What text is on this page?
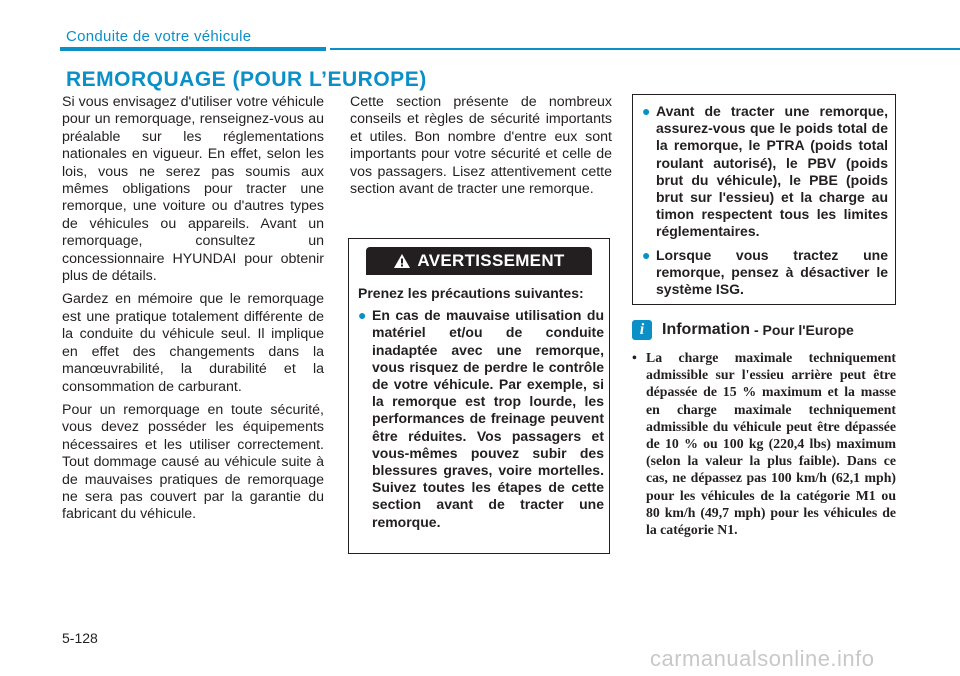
Conduite de votre véhicule
REMORQUAGE (POUR L’EUROPE)

Si vous envisagez d'utiliser votre véhicule pour un remorquage, renseignez-vous au préalable sur les réglementations nationales en vigueur. En effet, selon les lois, vous ne serez pas soumis aux mêmes obligations pour tracter une remorque, une voiture ou d'autres types de véhicules ou appareils. Avant un remorquage, consultez un concessionnaire HYUNDAI pour obtenir plus de détails.

Gardez en mémoire que le remorquage est une pratique totalement différente de la conduite du véhicule seul. Il implique en effet des changements dans la manœuvrabilité, la durabilité et la consommation de carburant.

Pour un remorquage en toute sécurité, vous devez posséder les équipements nécessaires et les utiliser correctement. Tout dommage causé au véhicule suite à de mauvaises pratiques de remorquage ne sera pas couvert par la garantie du fabricant du véhicule.

Cette section présente de nombreux conseils et règles de sécurité importants et utiles. Bon nombre d'entre eux sont importants pour votre sécurité et celle de vos passagers. Lisez attentivement cette section avant de tracter une remorque.

AVERTISSEMENT
Prenez les précautions suivantes:
● En cas de mauvaise utilisation du matériel et/ou de conduite inadaptée avec une remorque, vous risquez de perdre le contrôle de votre véhicule. Par exemple, si la remorque est trop lourde, les performances de freinage peuvent être réduites. Vos passagers et vous-mêmes pouvez subir des blessures graves, voire mortelles. Suivez toutes les étapes de cette section avant de tracter une remorque.
● Avant de tracter une remorque, assurez-vous que le poids total de la remorque, le PTRA (poids total roulant autorisé), le PBV (poids brut du véhicule), le PBE (poids brut sur l'essieu) et la charge au timon respectent tous les limites réglementaires.
● Lorsque vous tractez une remorque, pensez à désactiver le système ISG.
i	Information - Pour l'Europe
• La charge maximale techniquement admissible sur l'essieu arrière peut être dépassée de 15 % maximum et la masse en charge maximale techniquement admissible du véhicule peut être dépassée de 10 % ou 100 kg (220,4 lbs) maximum (selon la valeur la plus faible). Dans ce cas, ne dépassez pas 100 km/h (62,1 mph) pour les véhicules de la catégorie M1 ou 80 km/h (49,7 mph) pour les véhicules de la catégorie N1.
5-128
carmanualsonline.info
